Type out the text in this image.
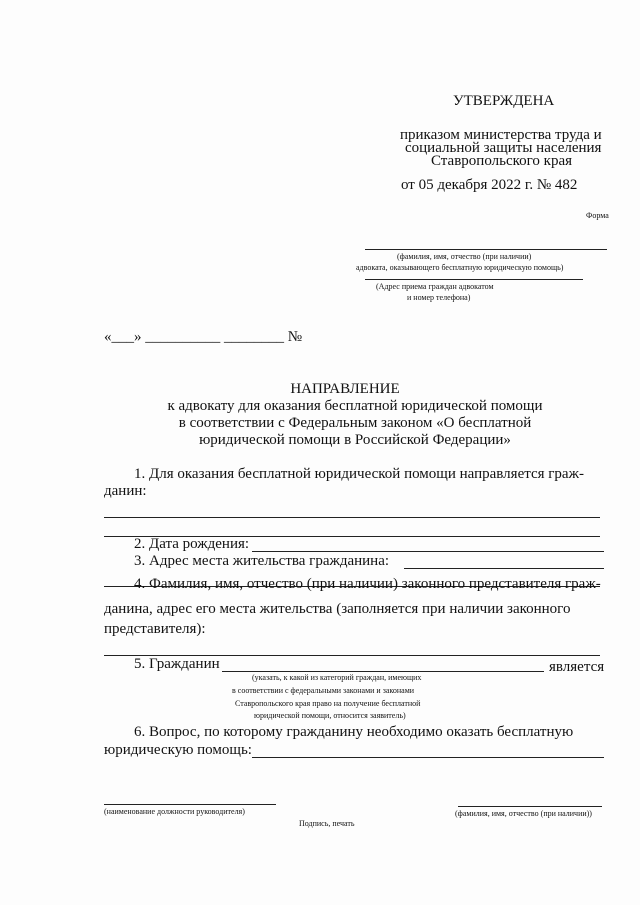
УТВЕРЖДЕНА
приказом министерства труда и
социальной защиты населения
Ставропольского края
от 05 декабря 2022 г. № 482
Форма
(фамилия, имя, отчество (при наличии)
адвоката, оказывающего бесплатную юридическую помощь)
(Адрес приема граждан адвокатом
и номер телефона)
«___» __________ ________ №
НАПРАВЛЕНИЕ
к адвокату для оказания бесплатной юридической помощи
в соответствии с Федеральным законом «О бесплатной
юридической помощи в Российской Федерации»
1. Для оказания бесплатной юридической помощи направляется граж-
данин:
2. Дата рождения:
3. Адрес места жительства гражданина:
4. Фамилия, имя, отчество (при наличии) законного представителя граж-
данина, адрес его места жительства (заполняется при наличии законного
представителя):
5. Гражданин	является
(указать, к какой из категорий граждан, имеющих
в соответствии с федеральными законами и законами
Ставропольского края право на получение бесплатной
юридической помощи, относится заявитель)
6. Вопрос, по которому гражданину необходимо оказать бесплатную
юридическую помощь:
(наименование должности руководителя)	(фамилия, имя, отчество (при наличии))
Подпись, печать
